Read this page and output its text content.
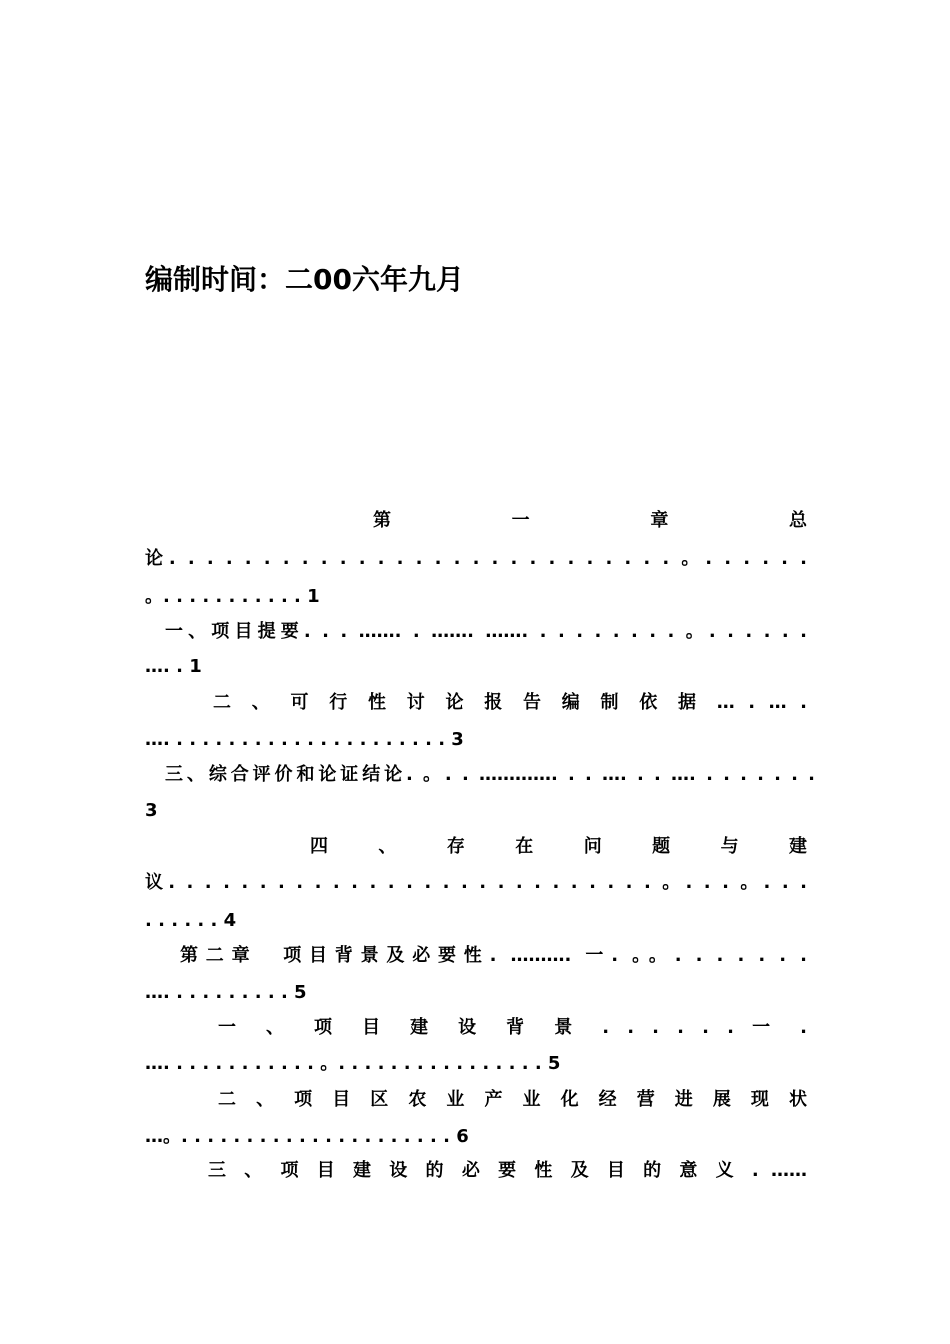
编制时间：二00六年九月
第 一 章 总
论. . . . . . . . . . . . . . . . . . . . . . . . . . . 。. . . . . .
。. . . . . . . . . . . 1
一、项目提要. . . ……. . ……. ……. . . . . . . . . 。. . . . . .
…. . 1
二 、 可 行 性 讨 论 报 告 编 制 依 据 … . … .
…. . . . . . . . . . . . . . . . . . . . . . 3
三、综合评价和论证结论. 。. . …………. . . …. . . …. . . . . . . .
3
四 、 存 在 问 题 与 建
议. . . . . . . . . . . . . . . . . . . . . . . . . . . 。. . . 。. . .
. . . . . . 4
第二章　项目背景及必要性. ………. 一. 。。. . . . . . .
…. . . . . . . . . . 5
一 、 项 目 建 设 背 景 . . . . . . 一 .
…. . . . . . . . . . . . 。. . . . . . . . . . . . . . . . 5
二 、 项 目 区 农 业 产 业 化 经 营 进 展 现 状
…。. . . . . . . . . . . . . . . . . . . . . 6
三 、 项 目 建 设 的 必 要 性 及 目 的 意 义 . ……
